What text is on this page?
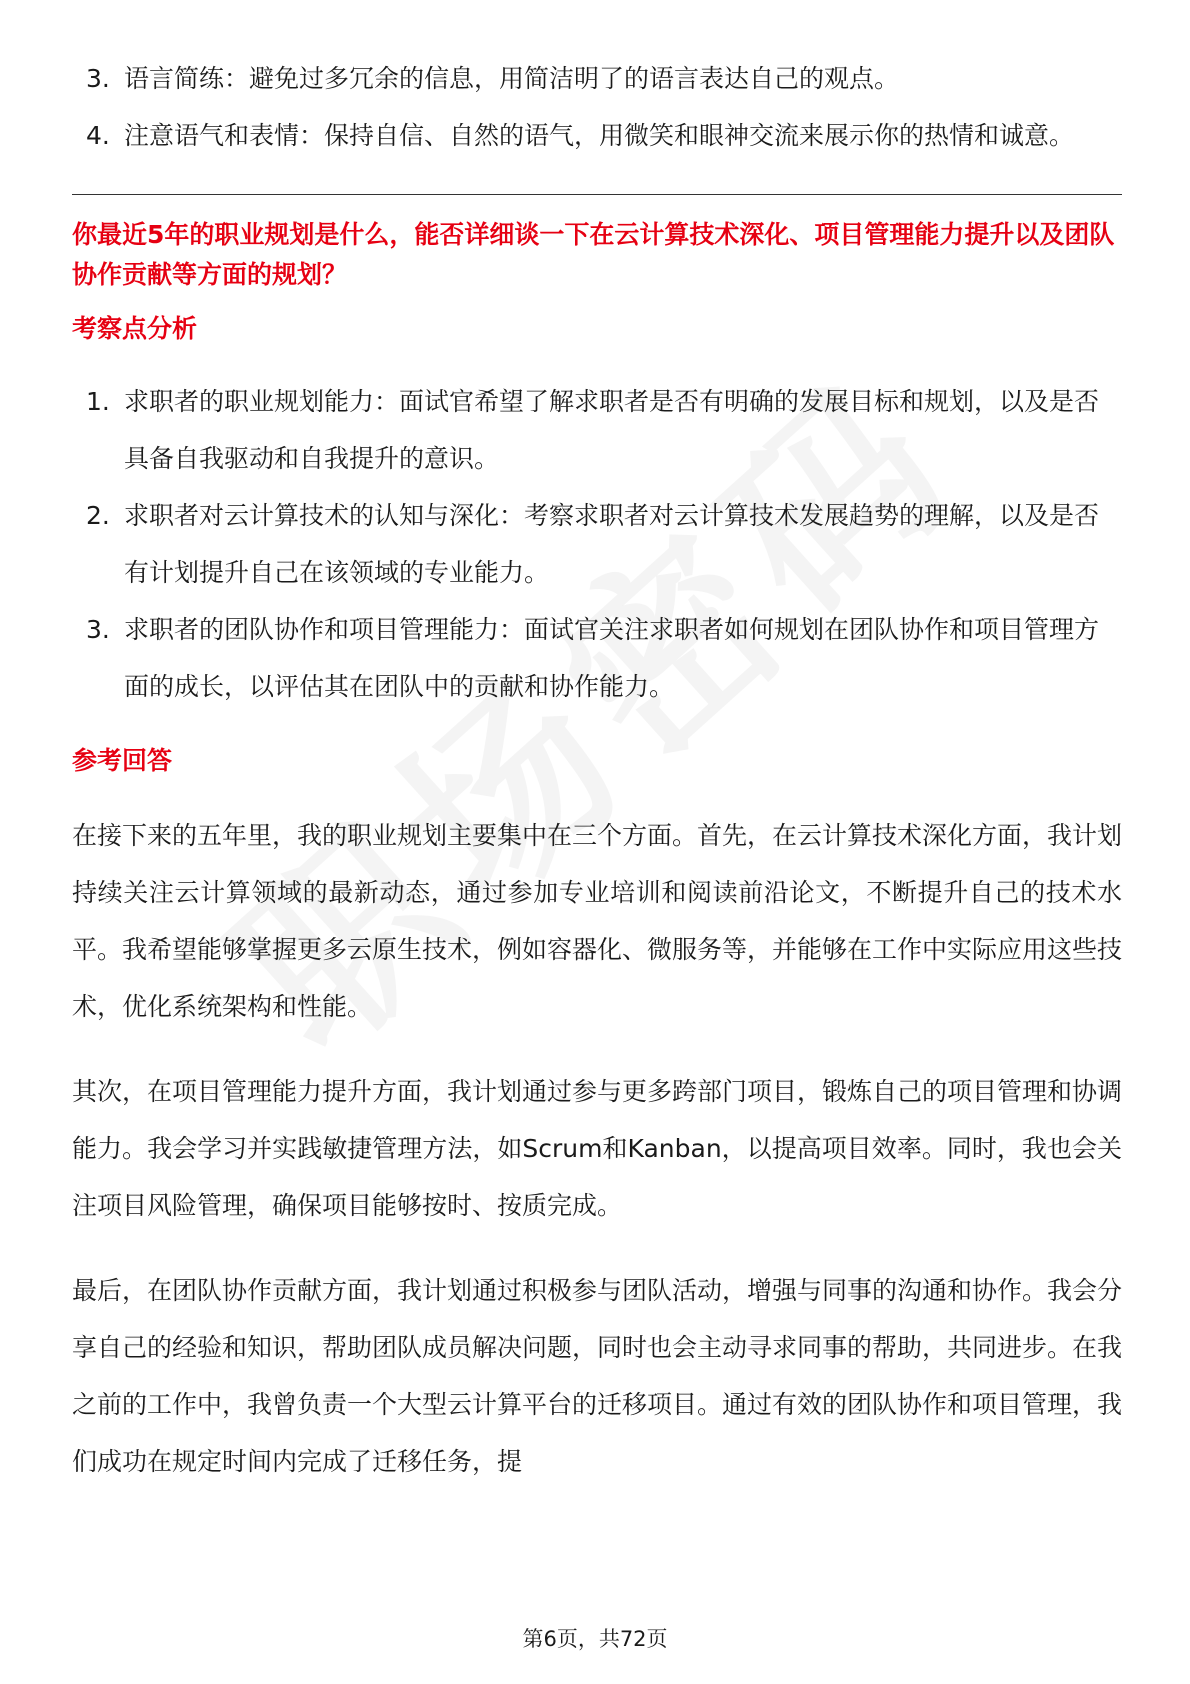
3. 语言简练：避免过多冗余的信息，用简洁明了的语言表达自己的观点。
4. 注意语气和表情：保持自信、自然的语气，用微笑和眼神交流来展示你的热情和诚意。
你最近5年的职业规划是什么，能否详细谈一下在云计算技术深化、项目管理能力提升以及团队协作贡献等方面的规划？
考察点分析
1. 求职者的职业规划能力：面试官希望了解求职者是否有明确的发展目标和规划，以及是否具备自我驱动和自我提升的意识。
2. 求职者对云计算技术的认知与深化：考察求职者对云计算技术发展趋势的理解，以及是否有计划提升自己在该领域的专业能力。
3. 求职者的团队协作和项目管理能力：面试官关注求职者如何规划在团队协作和项目管理方面的成长，以评估其在团队中的贡献和协作能力。
参考回答
在接下来的五年里，我的职业规划主要集中在三个方面。首先，在云计算技术深化方面，我计划持续关注云计算领域的最新动态，通过参加专业培训和阅读前沿论文，不断提升自己的技术水平。我希望能够掌握更多云原生技术，例如容器化、微服务等，并能够在工作中实际应用这些技术，优化系统架构和性能。
其次，在项目管理能力提升方面，我计划通过参与更多跨部门项目，锻炼自己的项目管理和协调能力。我会学习并实践敏捷管理方法，如Scrum和Kanban，以提高项目效率。同时，我也会关注项目风险管理，确保项目能够按时、按质完成。
最后，在团队协作贡献方面，我计划通过积极参与团队活动，增强与同事的沟通和协作。我会分享自己的经验和知识，帮助团队成员解决问题，同时也会主动寻求同事的帮助，共同进步。在我之前的工作中，我曾负责一个大型云计算平台的迁移项目。通过有效的团队协作和项目管理，我们成功在规定时间内完成了迁移任务，提
第6页，共72页
